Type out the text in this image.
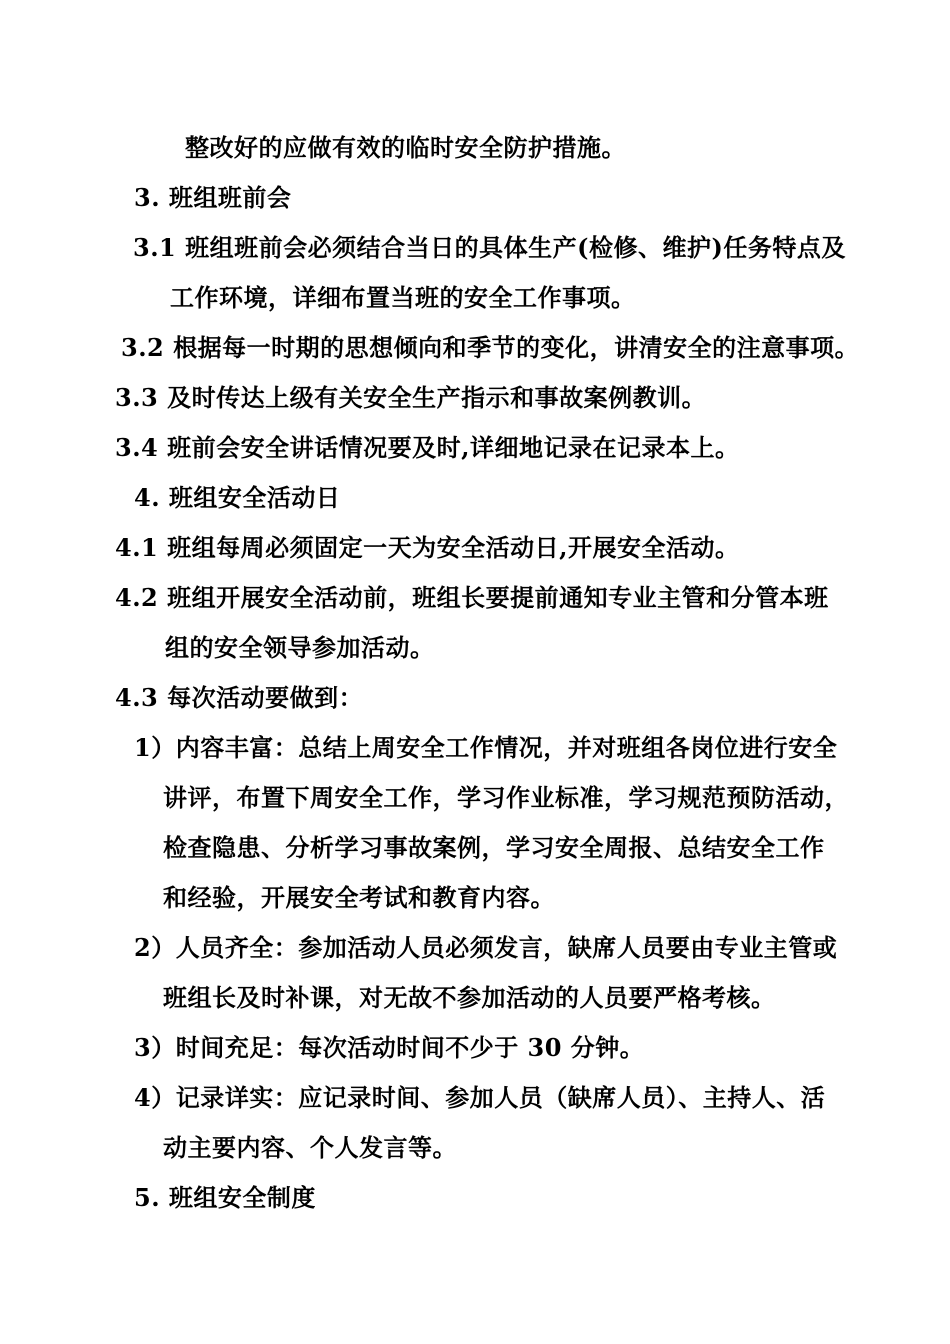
整改好的应做有效的临时安全防护措施。
3. 班组班前会
3.1 班组班前会必须结合当日的具体生产(检修、维护)任务特点及
工作环境，详细布置当班的安全工作事项。
3.2 根据每一时期的思想倾向和季节的变化，讲清安全的注意事项。
3.3 及时传达上级有关安全生产指示和事故案例教训。
3.4 班前会安全讲话情况要及时,详细地记录在记录本上。
4. 班组安全活动日
4.1 班组每周必须固定一天为安全活动日,开展安全活动。
4.2 班组开展安全活动前，班组长要提前通知专业主管和分管本班
组的安全领导参加活动。
4.3 每次活动要做到：
1）内容丰富：总结上周安全工作情况，并对班组各岗位进行安全
讲评，布置下周安全工作，学习作业标准，学习规范预防活动，
检查隐患、分析学习事故案例，学习安全周报、总结安全工作
和经验，开展安全考试和教育内容。
2）人员齐全：参加活动人员必须发言，缺席人员要由专业主管或
班组长及时补课，对无故不参加活动的人员要严格考核。
3）时间充足：每次活动时间不少于 30 分钟。
4）记录详实：应记录时间、参加人员（缺席人员）、主持人、活
动主要内容、个人发言等。
5. 班组安全制度
